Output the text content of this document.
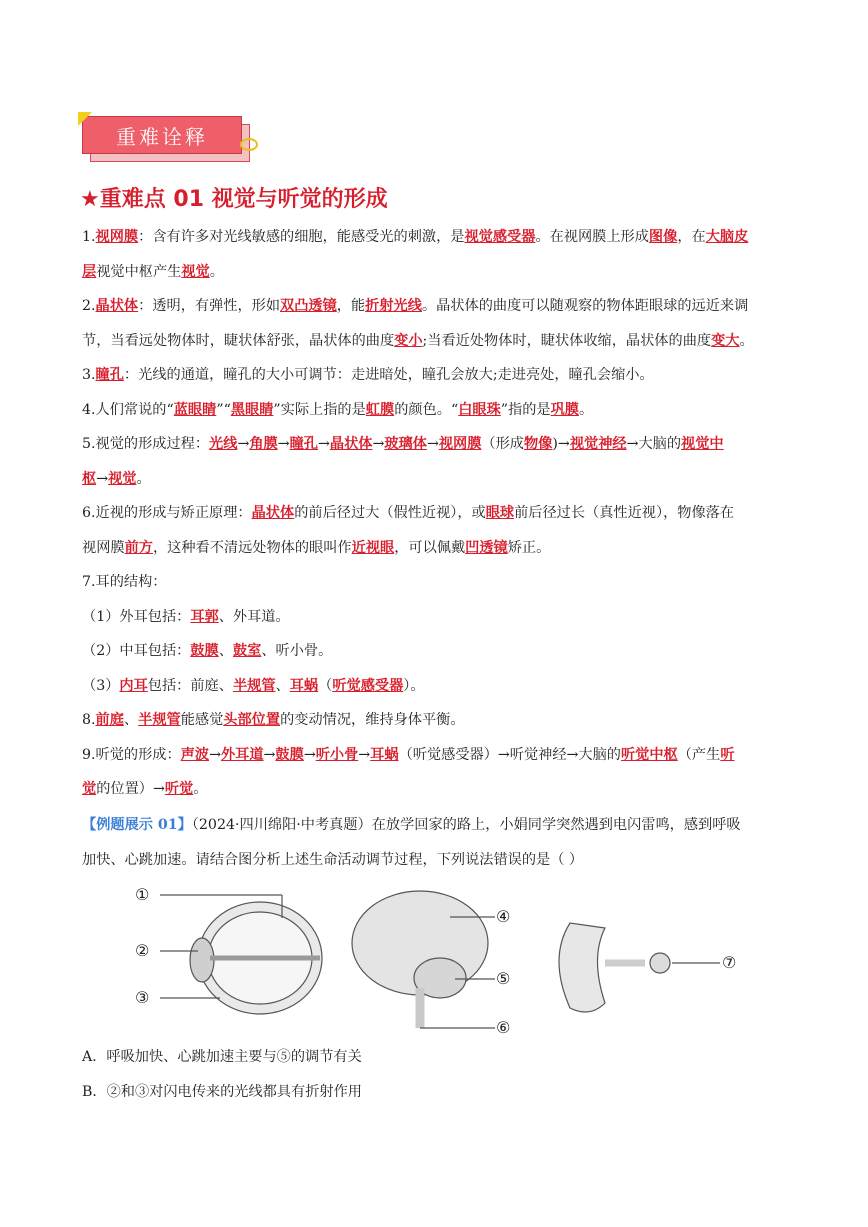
重难诠释
★重难点 01 视觉与听觉的形成
1.视网膜：含有许多对光线敏感的细胞，能感受光的刺激，是视觉感受器。在视网膜上形成图像，在大脑皮
层视觉中枢产生视觉。
2.晶状体：透明，有弹性，形如双凸透镜，能折射光线。晶状体的曲度可以随观察的物体距眼球的远近来调
节，当看远处物体时，睫状体舒张，晶状体的曲度变小;当看近处物体时，睫状体收缩，晶状体的曲度变大。
3.瞳孔：光线的通道，瞳孔的大小可调节：走进暗处，瞳孔会放大;走进亮处，瞳孔会缩小。
4.人们常说的“蓝眼睛”“黑眼睛”实际上指的是虹膜的颜色。“白眼珠”指的是巩膜。
5.视觉的形成过程：光线→角膜→瞳孔→晶状体→玻璃体→视网膜（形成物像)→视觉神经→大脑的视觉中
枢→视觉。
6.近视的形成与矫正原理：晶状体的前后径过大（假性近视），或眼球前后径过长（真性近视），物像落在
视网膜前方，这种看不清远处物体的眼叫作近视眼，可以佩戴凹透镜矫正。
7.耳的结构：
（1）外耳包括：耳郭、外耳道。
（2）中耳包括：鼓膜、鼓室、听小骨。
（3）内耳包括：前庭、半规管、耳蜗（听觉感受器）。
8.前庭、半规管能感觉头部位置的变动情况，维持身体平衡。
9.听觉的形成：声波→外耳道→鼓膜→听小骨→耳蜗（听觉感受器）→听觉神经→大脑的听觉中枢（产生听
觉的位置）→听觉。
【例题展示 01】（2024·四川绵阳·中考真题）在放学回家的路上，小娟同学突然遇到电闪雷鸣，感到呼吸
加快、心跳加速。请结合图分析上述生命活动调节过程，下列说法错误的是（ ）
①
②
③
④
⑤
⑥
⑦
A．呼吸加快、心跳加速主要与⑤的调节有关
B．②和③对闪电传来的光线都具有折射作用
